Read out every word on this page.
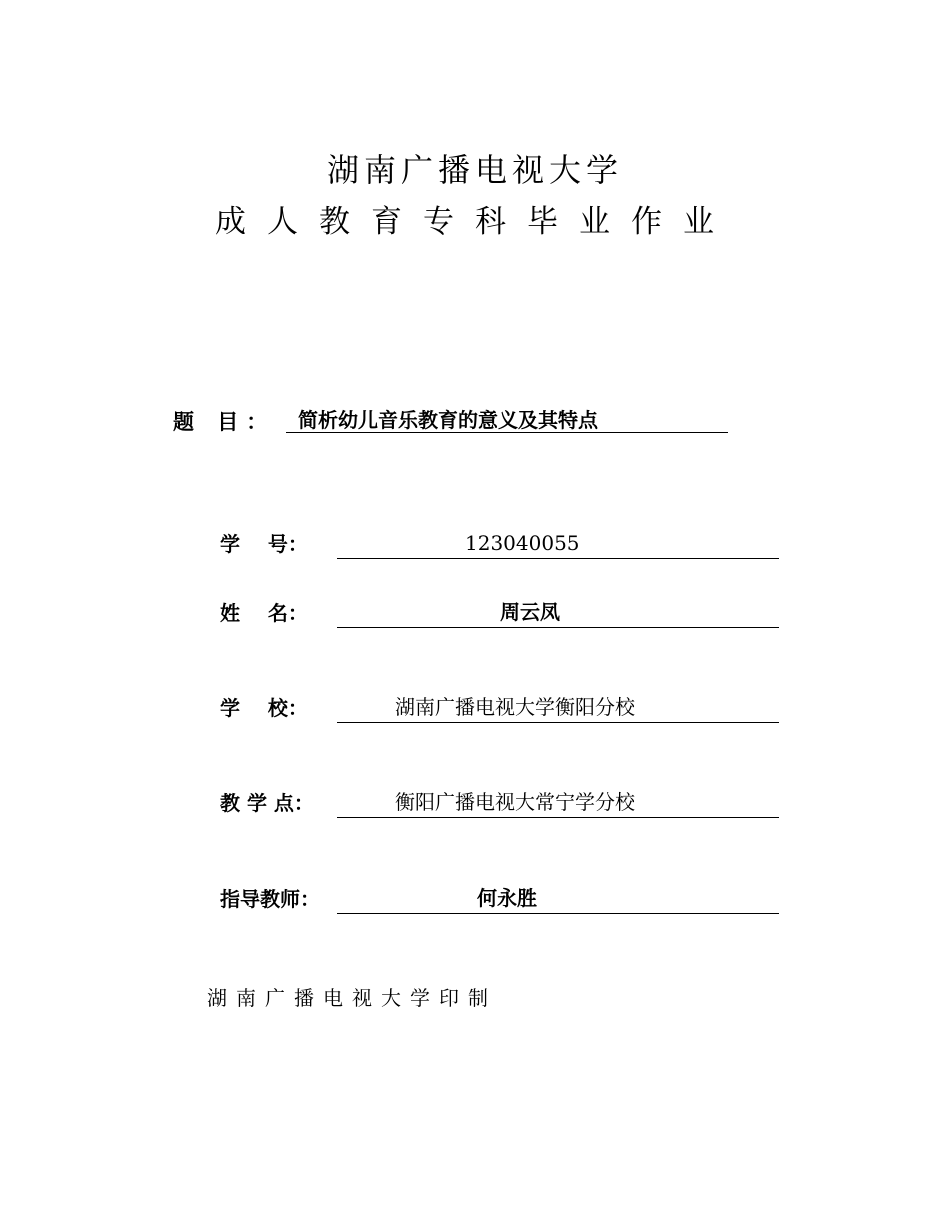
湖南广播电视大学
成人教育专科毕业作业
题 目：	简析幼儿音乐教育的意义及其特点
学    号：	123040055
姓    名：	周云凤
学    校：	湖南广播电视大学衡阳分校
教 学 点：	衡阳广播电视大常宁学分校
指导教师：	何永胜
湖南广播电视大学印制
